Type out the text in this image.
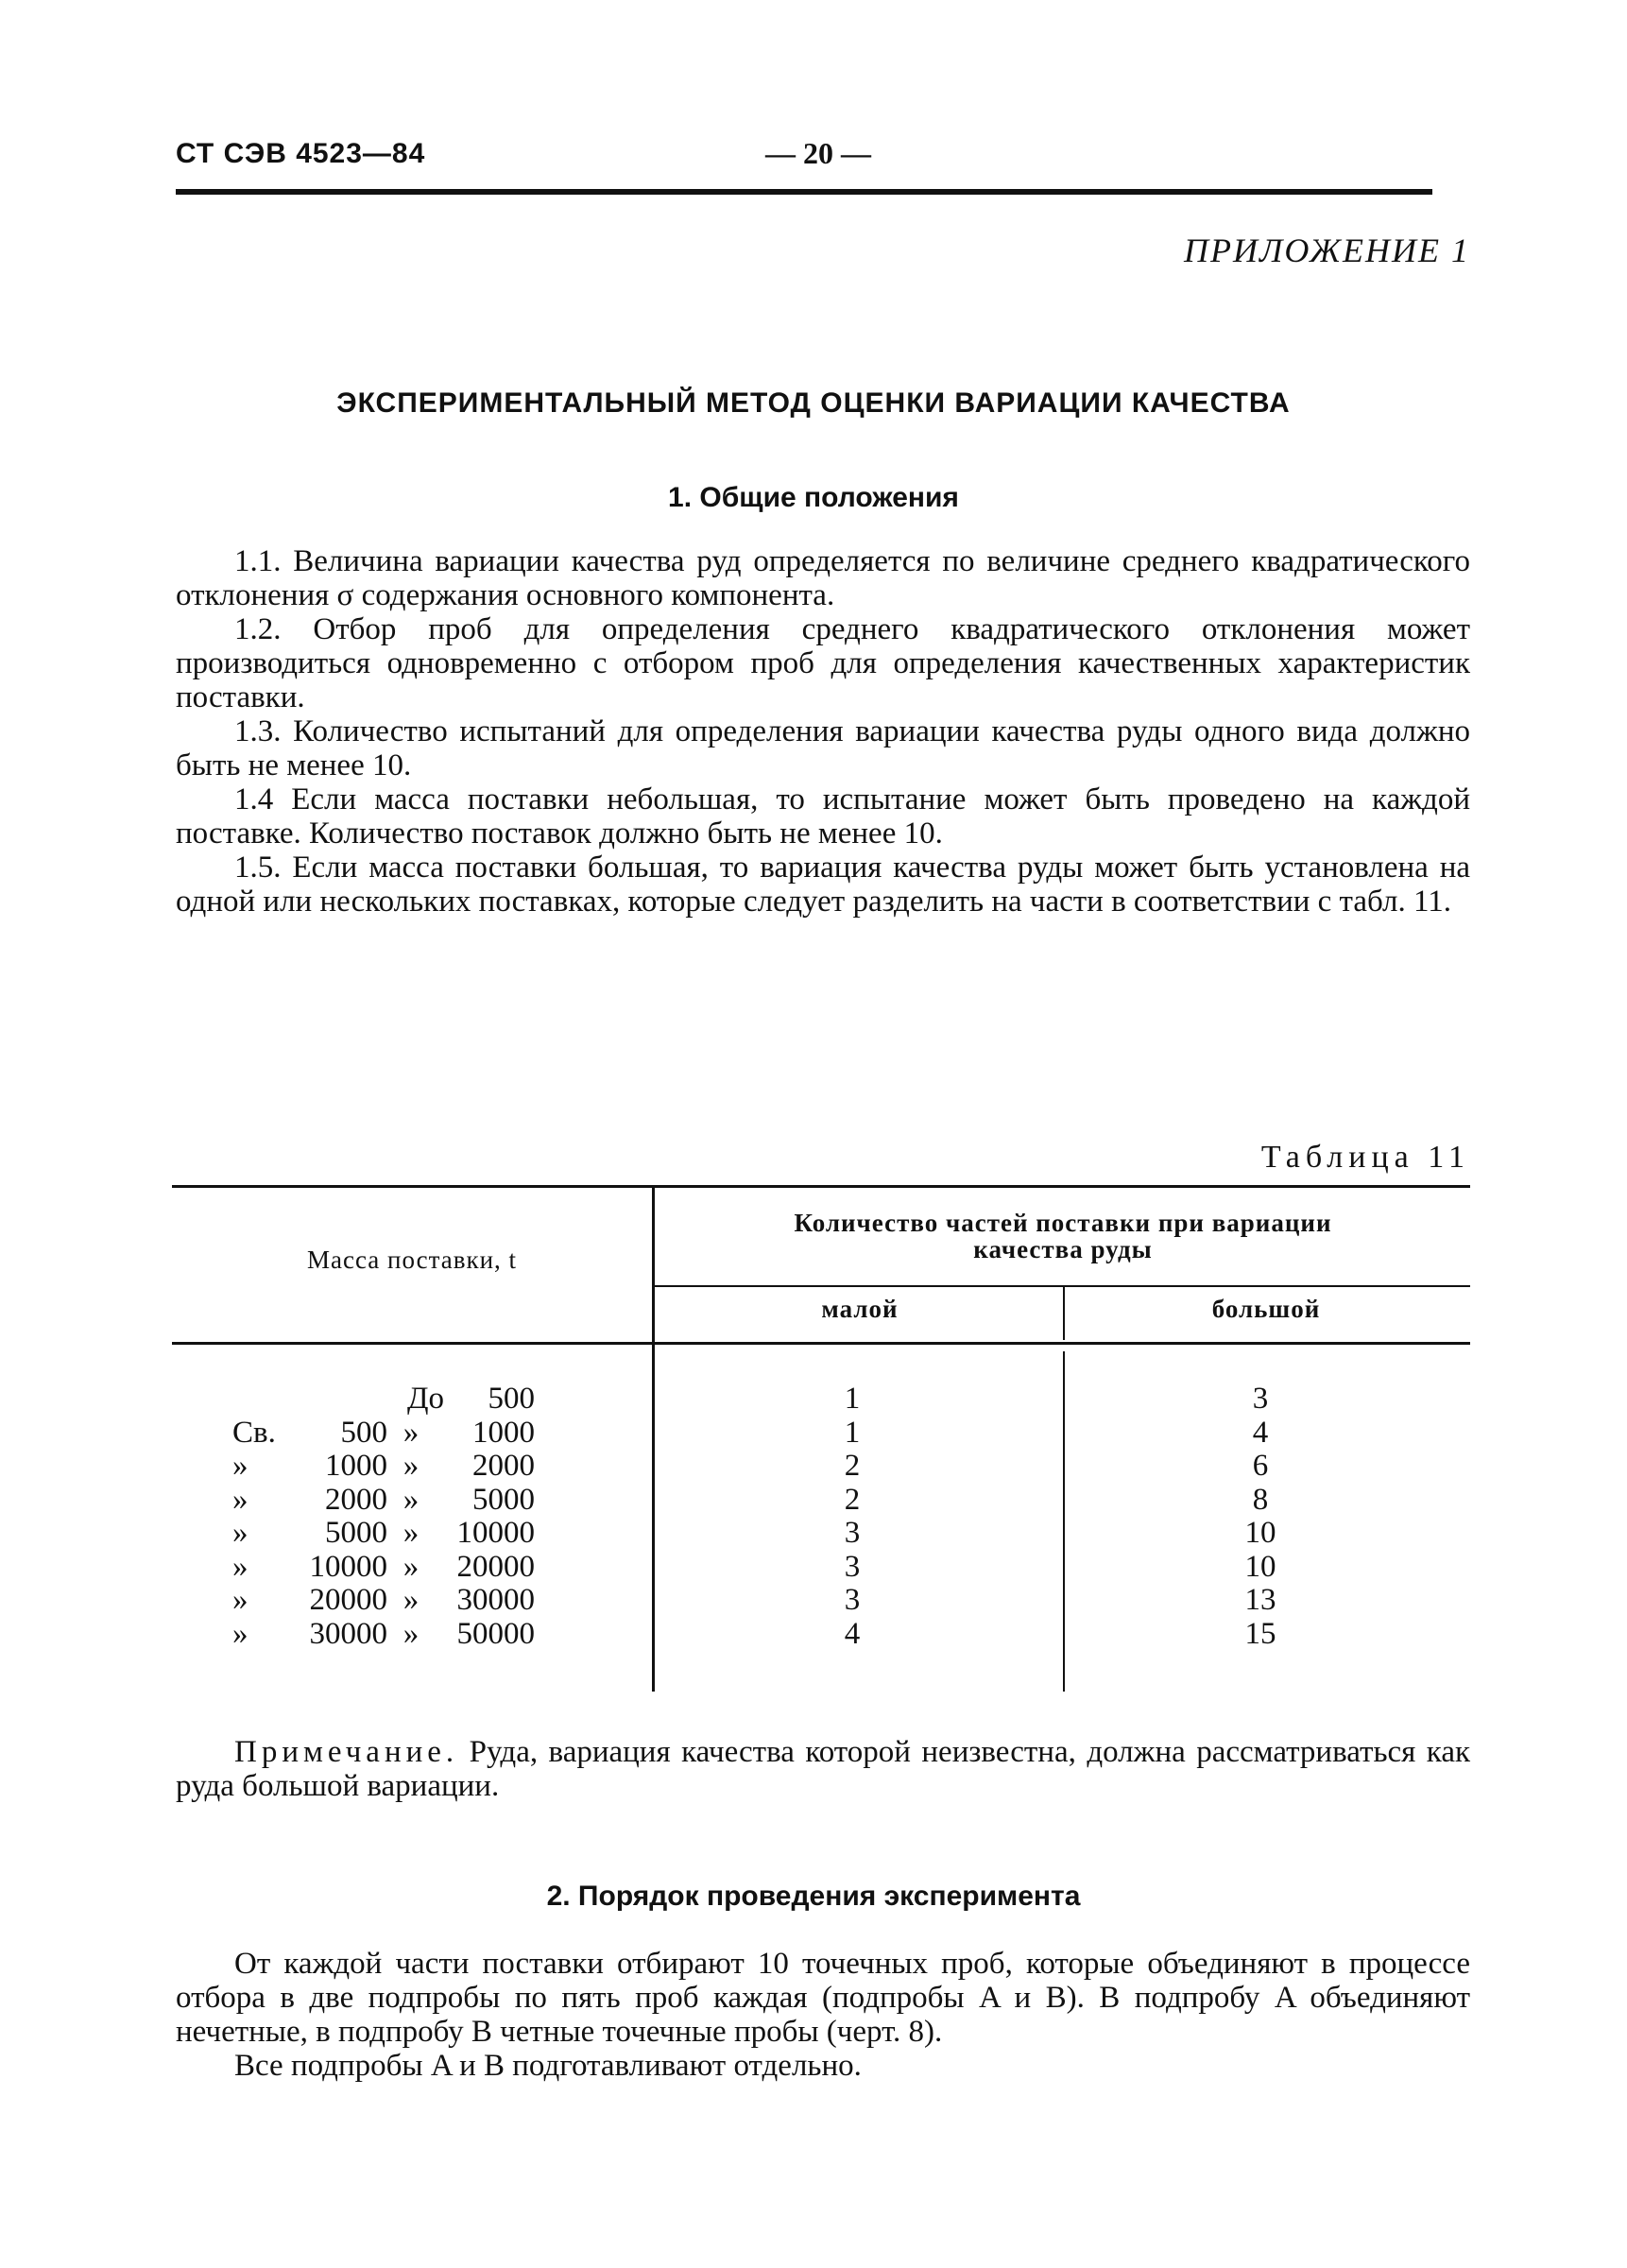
СТ СЭВ 4523—84	— 20 —
ПРИЛОЖЕНИЕ 1
ЭКСПЕРИМЕНТАЛЬНЫЙ МЕТОД ОЦЕНКИ ВАРИАЦИИ КАЧЕСТВА
1. Общие положения

1.1. Величина вариации качества руд определяется по величине среднего квадратического отклонения σ содержания основного компонента.

1.2. Отбор проб для определения среднего квадратического отклонения может производиться одновременно с отбором проб для определения качественных характеристик поставки.

1.3. Количество испытаний для определения вариации качества руды одного вида должно быть не менее 10.

1.4 Если масса поставки небольшая, то испытание может быть проведено на каждой поставке. Количество поставок должно быть не менее 10.

1.5. Если масса поставки большая, то вариация качества руды может быть установлена на одной или нескольких поставках, которые следует разделить на части в соответствии с табл. 11.

Таблица 11
Масса поставки, t
Количество частей поставки при вариации качества руды
малой	большой
До	500	1	3
Св.	500 »	1000	1	4
»	1000 »	2000	2	6
»	2000 »	5000	2	8
»	5000 »	10000	3	10
»	10000 »	20000	3	10
»	20000 »	30000	3	13
»	30000 »	50000	4	15

Примечание. Руда, вариация качества которой неизвестна, должна рассматриваться как руда большой вариации.

2. Порядок проведения эксперимента

От каждой части поставки отбирают 10 точечных проб, которые объединяют в процессе отбора в две подпробы по пять проб каждая (подпробы A и B). В подпробу A объединяют нечетные, в подпробу B четные точечные пробы (черт. 8).

Все подпробы A и B подготавливают отдельно.
